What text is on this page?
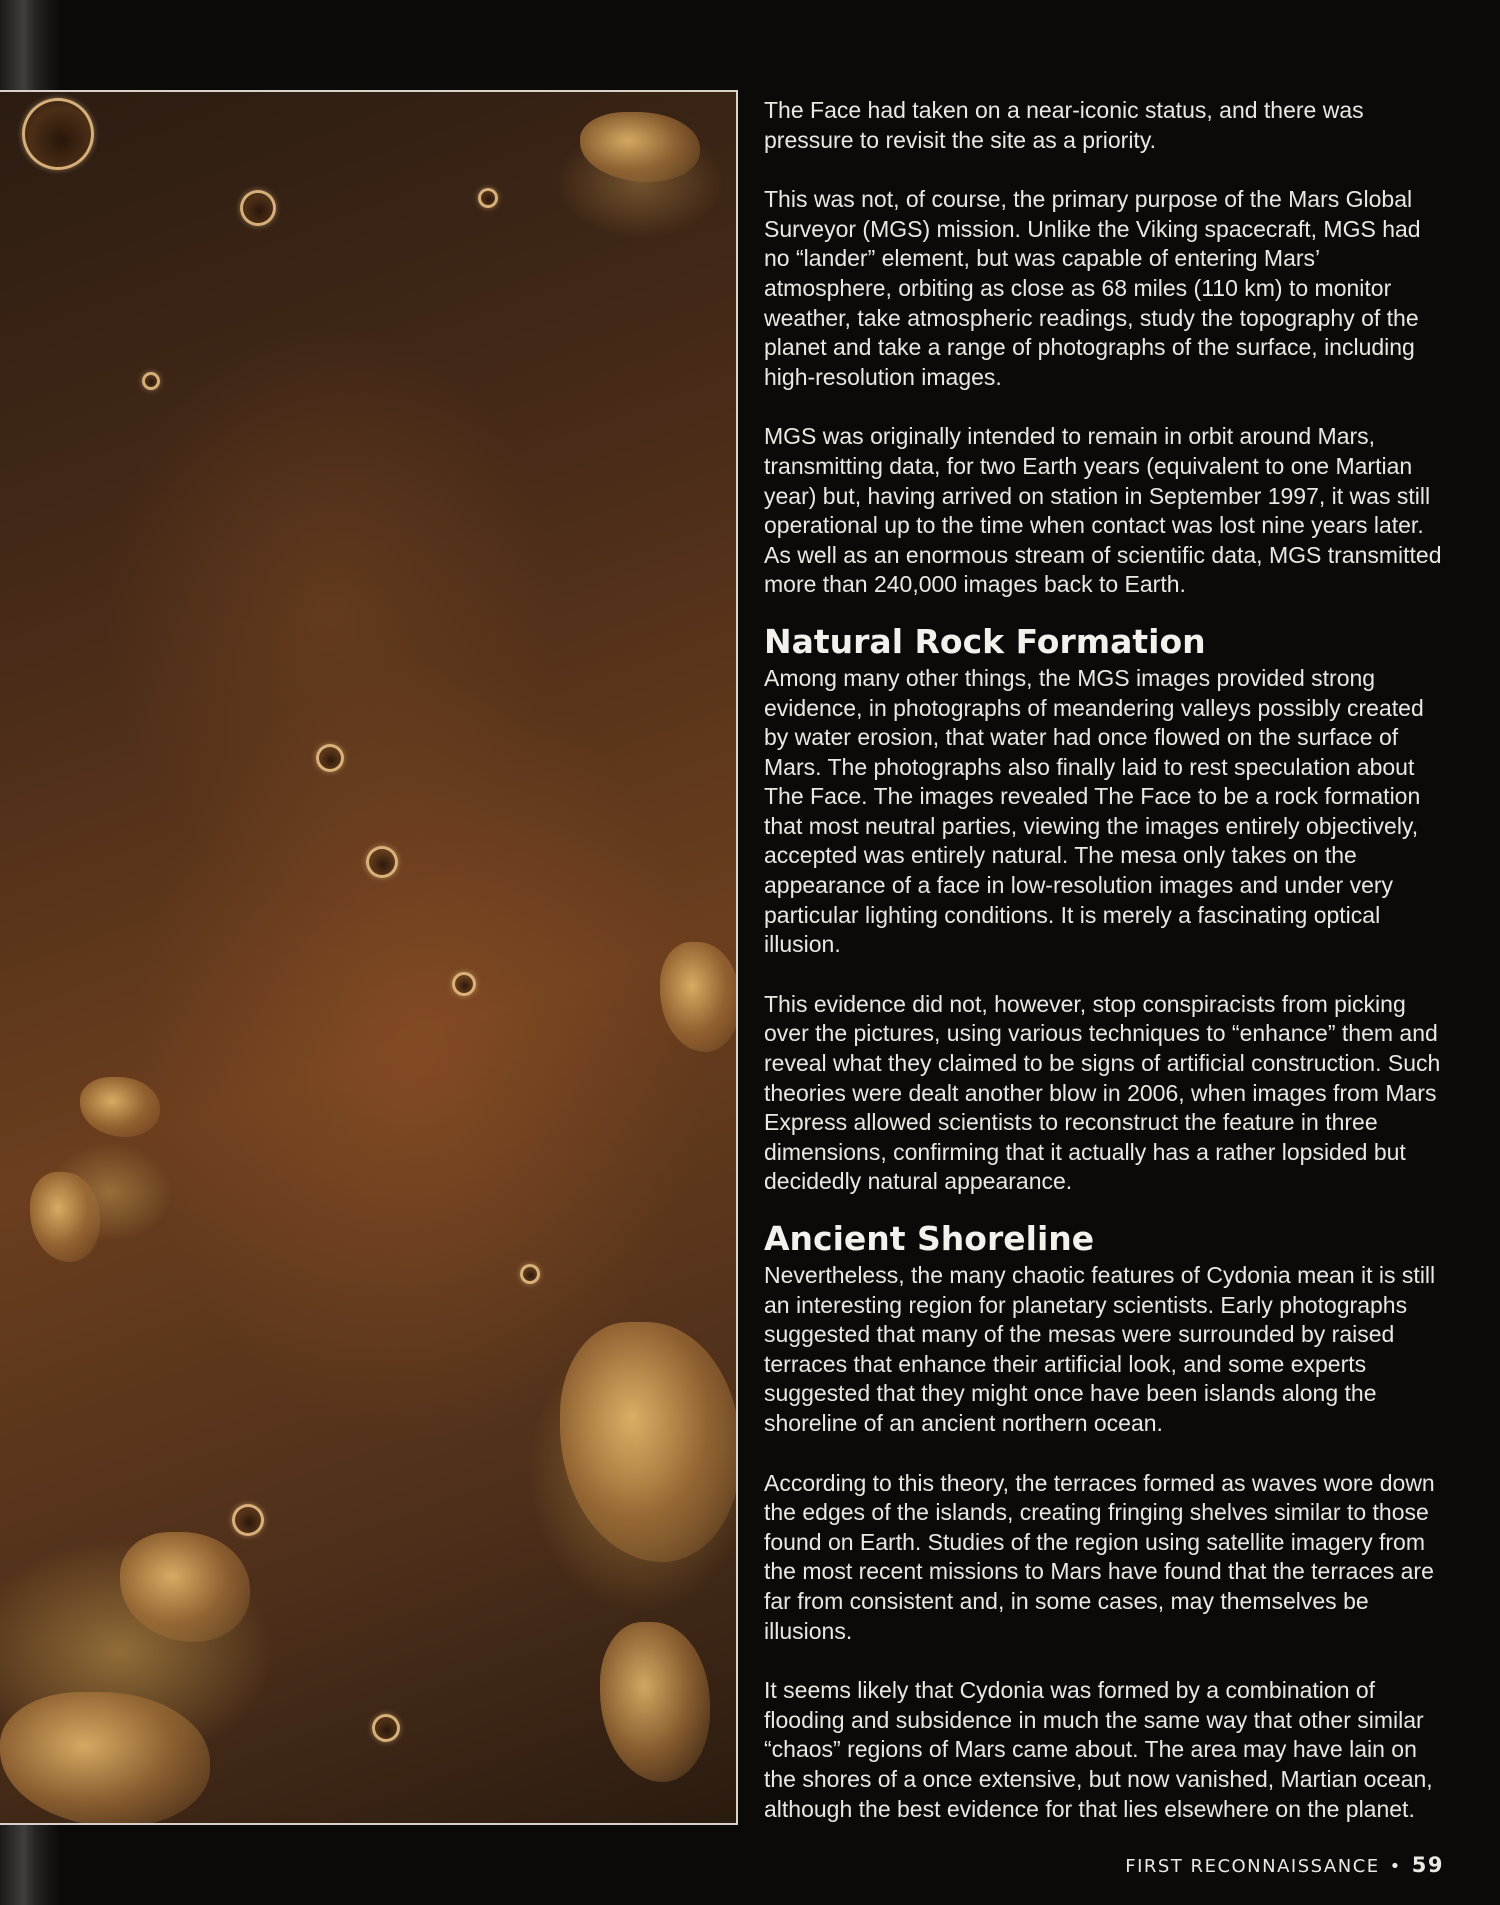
The Face had taken on a near-iconic status, and there was pressure to revisit the site as a priority.

This was not, of course, the primary purpose of the Mars Global Surveyor (MGS) mission. Unlike the Viking spacecraft, MGS had no “lander” element, but was capable of entering Mars’ atmosphere, orbiting as close as 68 miles (110 km) to monitor weather, take atmospheric readings, study the topography of the planet and take a range of photographs of the surface, including high-resolution images.

MGS was originally intended to remain in orbit around Mars, transmitting data, for two Earth years (equivalent to one Martian year) but, having arrived on station in September 1997, it was still operational up to the time when contact was lost nine years later. As well as an enormous stream of scientific data, MGS transmitted more than 240,000 images back to Earth.

Natural Rock Formation

Among many other things, the MGS images provided strong evidence, in photographs of meandering valleys possibly created by water erosion, that water had once flowed on the surface of Mars. The photographs also finally laid to rest speculation about The Face. The images revealed The Face to be a rock formation that most neutral parties, viewing the images entirely objectively, accepted was entirely natural. The mesa only takes on the appearance of a face in low-resolution images and under very particular lighting conditions. It is merely a fascinating optical illusion.

This evidence did not, however, stop conspiracists from picking over the pictures, using various techniques to “enhance” them and reveal what they claimed to be signs of artificial construction. Such theories were dealt another blow in 2006, when images from Mars Express allowed scientists to reconstruct the feature in three dimensions, confirming that it actually has a rather lopsided but decidedly natural appearance.

Ancient Shoreline

Nevertheless, the many chaotic features of Cydonia mean it is still an interesting region for planetary scientists. Early photographs suggested that many of the mesas were surrounded by raised terraces that enhance their artificial look, and some experts suggested that they might once have been islands along the shoreline of an ancient northern ocean.

According to this theory, the terraces formed as waves wore down the edges of the islands, creating fringing shelves similar to those found on Earth. Studies of the region using satellite imagery from the most recent missions to Mars have found that the terraces are far from consistent and, in some cases, may themselves be illusions.

It seems likely that Cydonia was formed by a combination of flooding and subsidence in much the same way that other similar “chaos” regions of Mars came about. The area may have lain on the shores of a once extensive, but now vanished, Martian ocean, although the best evidence for that lies elsewhere on the planet.

FIRST RECONNAISSANCE • 59
